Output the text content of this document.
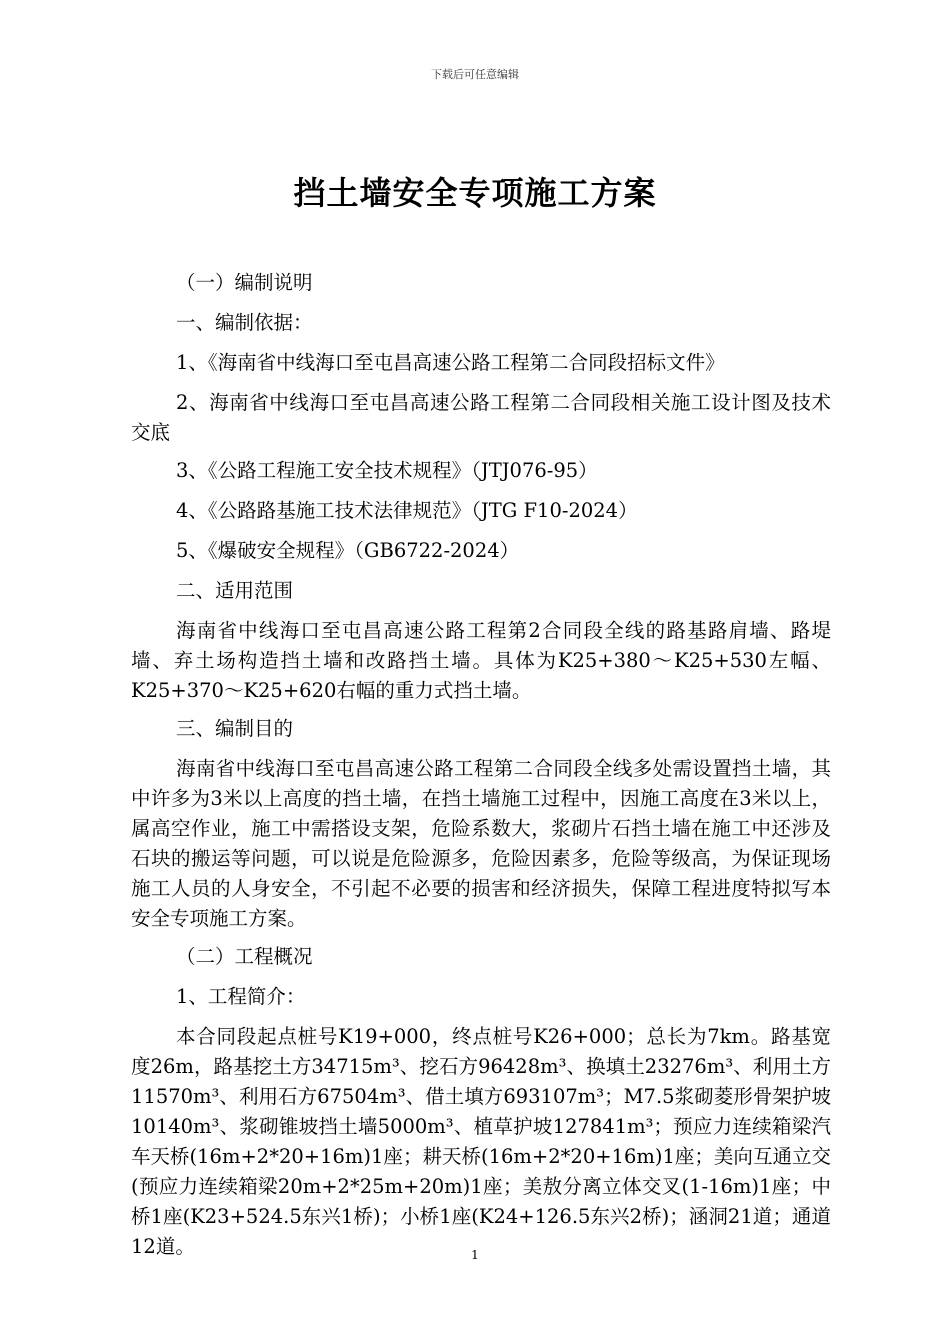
下载后可任意编辑
挡土墙安全专项施工方案

（一）编制说明

一、编制依据：

1、《海南省中线海口至屯昌高速公路工程第二合同段招标文件》

2、海南省中线海口至屯昌高速公路工程第二合同段相关施工设计图及技术交底

3、《公路工程施工安全技术规程》（JTJ076-95）

4、《公路路基施工技术法律规范》（JTG F10-2024）

5、《爆破安全规程》（GB6722-2024）

二、适用范围

海南省中线海口至屯昌高速公路工程第2合同段全线的路基路肩墙、路堤墙、弃土场构造挡土墙和改路挡土墙。具体为K25+380～K25+530左幅、K25+370～K25+620右幅的重力式挡土墙。

三、编制目的

海南省中线海口至屯昌高速公路工程第二合同段全线多处需设置挡土墙，其中许多为3米以上高度的挡土墙，在挡土墙施工过程中，因施工高度在3米以上，属高空作业，施工中需搭设支架，危险系数大，浆砌片石挡土墙在施工中还涉及石块的搬运等问题，可以说是危险源多，危险因素多，危险等级高，为保证现场施工人员的人身安全，不引起不必要的损害和经济损失，保障工程进度特拟写本安全专项施工方案。

（二）工程概况

1、工程简介：

本合同段起点桩号K19+000，终点桩号K26+000；总长为7km。路基宽度26m，路基挖土方34715m³、挖石方96428m³、换填土23276m³、利用土方11570m³、利用石方67504m³、借土填方693107m³；M7.5浆砌菱形骨架护坡10140m³、浆砌锥坡挡土墙5000m³、植草护坡127841m³；预应力连续箱梁汽车天桥(16m+2*20+16m)1座；耕天桥(16m+2*20+16m)1座；美向互通立交(预应力连续箱梁20m+2*25m+20m)1座；美敖分离立体交叉(1-16m)1座；中桥1座(K23+524.5东兴1桥)；小桥1座(K24+126.5东兴2桥)；涵洞21道；通道12道。	1
